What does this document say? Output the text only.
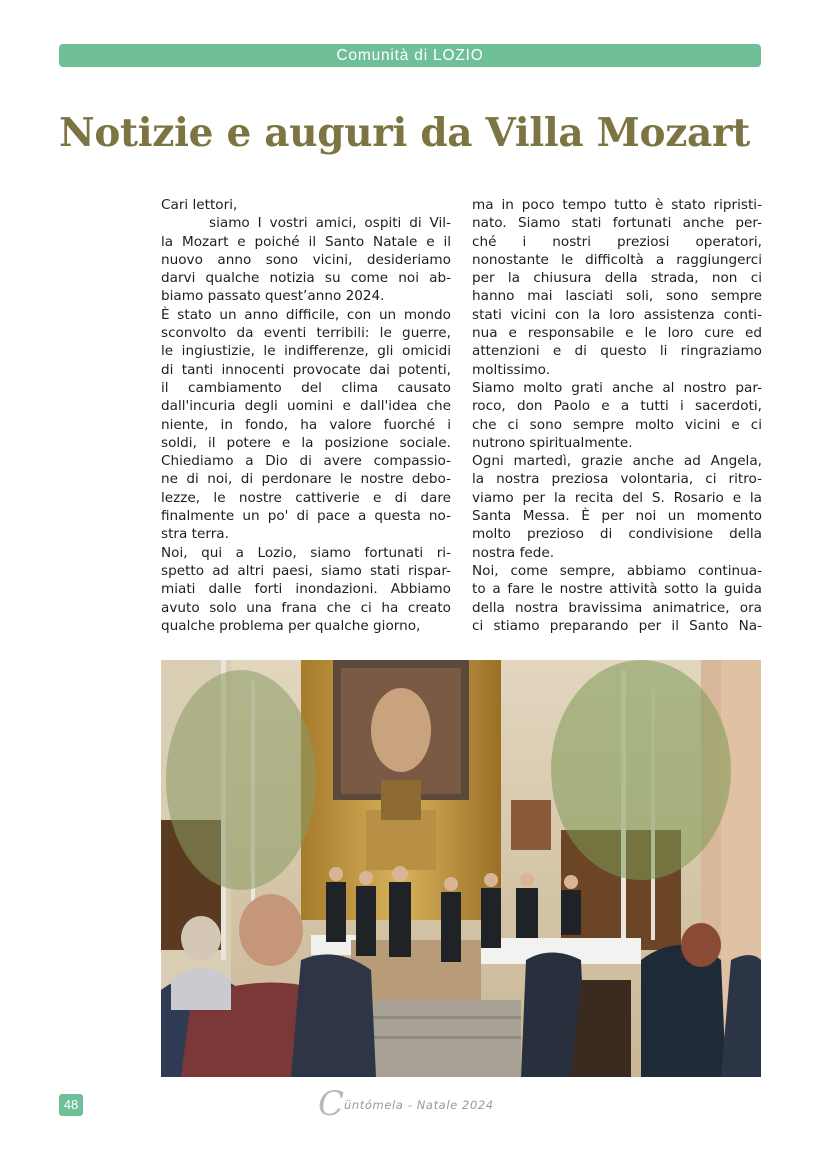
Comunità di LOZIO
Notizie e auguri da Villa Mozart
Cari lettori,
siamo I vostri amici, ospiti di Vil-
la Mozart e poiché il Santo Natale e il
nuovo anno sono vicini, desideriamo
darvi qualche notizia su come noi ab-
biamo passato quest’anno 2024.
È stato un anno difficile, con un mondo
sconvolto da eventi terribili: le guerre,
le ingiustizie, le indifferenze, gli omicidi
di tanti innocenti provocate dai potenti,
il cambiamento del clima causato
dall'incuria degli uomini e dall'idea che
niente, in fondo, ha valore fuorché i
soldi, il potere e la posizione sociale.
Chiediamo a Dio di avere compassio-
ne di noi, di perdonare le nostre debo-
lezze, le nostre cattiverie e di dare
finalmente un po' di pace a questa no-
stra terra.
Noi, qui a Lozio, siamo fortunati ri-
spetto ad altri paesi, siamo stati rispar-
miati dalle forti inondazioni. Abbiamo
avuto solo una frana che ci ha creato
qualche problema per qualche giorno,
ma in poco tempo tutto è stato ripristi-
nato. Siamo stati fortunati anche per-
ché i nostri preziosi operatori,
nonostante le difficoltà a raggiungerci
per la chiusura della strada, non ci
hanno mai lasciati soli, sono sempre
stati vicini con la loro assistenza conti-
nua e responsabile e le loro cure ed
attenzioni e di questo li ringraziamo
moltissimo.
Siamo molto grati anche al nostro par-
roco, don Paolo e a tutti i sacerdoti,
che ci sono sempre molto vicini e ci
nutrono spiritualmente.
Ogni martedì, grazie anche ad Angela,
la nostra preziosa volontaria, ci ritro-
viamo per la recita del S. Rosario e la
Santa Messa. È per noi un momento
molto prezioso di condivisione della
nostra fede.
Noi, come sempre, abbiamo continua-
to a fare le nostre attività sotto la guida
della nostra bravissima animatrice, ora
ci stiamo preparando per il Santo Na-
48	Cüntómela - Natale 2024
